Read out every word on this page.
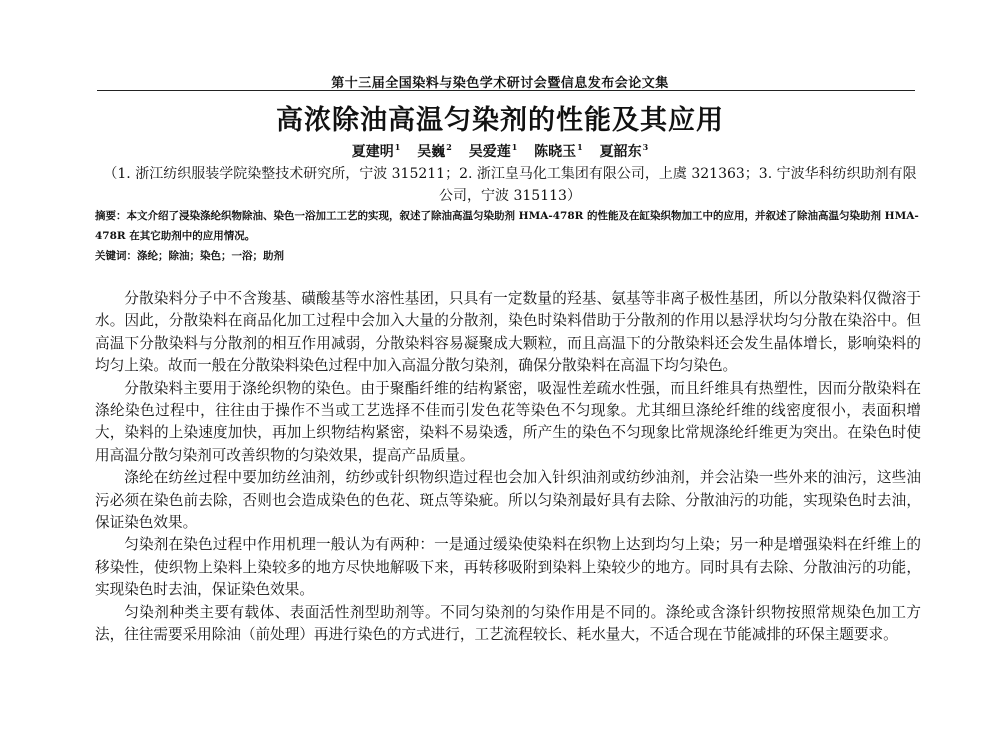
第十三届全国染料与染色学术研讨会暨信息发布会论文集
高浓除油高温匀染剂的性能及其应用
夏建明$^1$ 吴巍$^2$ 吴爱莲$^1$ 陈晓玉$^1$ 夏韶东$^3$
（1. 浙江纺织服装学院染整技术研究所，宁波 315211；2. 浙江皇马化工集团有限公司，上虞 321363；3. 宁波华科纺织助剂有限公司，宁波 315113）
摘要：本文介绍了浸染涤纶织物除油、染色一浴加工工艺的实现，叙述了除油高温匀染助剂 HMA-478R 的性能及在缸染织物加工中的应用，并叙述了除油高温匀染助剂 HMA-478R 在其它助剂中的应用情况。
关键词：涤纶；除油；染色；一浴；助剂

分散染料分子中不含羧基、磺酸基等水溶性基团，只具有一定数量的羟基、氨基等非离子极性基团，所以分散染料仅微溶于水。因此，分散染料在商品化加工过程中会加入大量的分散剂，染色时染料借助于分散剂的作用以悬浮状均匀分散在染浴中。但高温下分散染料与分散剂的相互作用减弱，分散染料容易凝聚成大颗粒，而且高温下的分散染料还会发生晶体增长，影响染料的均匀上染。故而一般在分散染料染色过程中加入高温分散匀染剂，确保分散染料在高温下均匀染色。

分散染料主要用于涤纶织物的染色。由于聚酯纤维的结构紧密，吸湿性差疏水性强，而且纤维具有热塑性，因而分散染料在涤纶染色过程中，往往由于操作不当或工艺选择不佳而引发色花等染色不匀现象。尤其细旦涤纶纤维的线密度很小，表面积增大，染料的上染速度加快，再加上织物结构紧密，染料不易染透，所产生的染色不匀现象比常规涤纶纤维更为突出。在染色时使用高温分散匀染剂可改善织物的匀染效果，提高产品质量。

涤纶在纺丝过程中要加纺丝油剂，纺纱或针织物织造过程也会加入针织油剂或纺纱油剂，并会沾染一些外来的油污，这些油污必须在染色前去除，否则也会造成染色的色花、斑点等染疵。所以匀染剂最好具有去除、分散油污的功能，实现染色时去油，保证染色效果。

匀染剂在染色过程中作用机理一般认为有两种：一是通过缓染使染料在织物上达到均匀上染；另一种是增强染料在纤维上的移染性，使织物上染料上染较多的地方尽快地解吸下来，再转移吸附到染料上染较少的地方。同时具有去除、分散油污的功能，实现染色时去油，保证染色效果。

匀染剂种类主要有载体、表面活性剂型助剂等。不同匀染剂的匀染作用是不同的。涤纶或含涤针织物按照常规染色加工方法，往往需要采用除油（前处理）再进行染色的方式进行，工艺流程较长、耗水量大，不适合现在节能减排的环保主题要求。
